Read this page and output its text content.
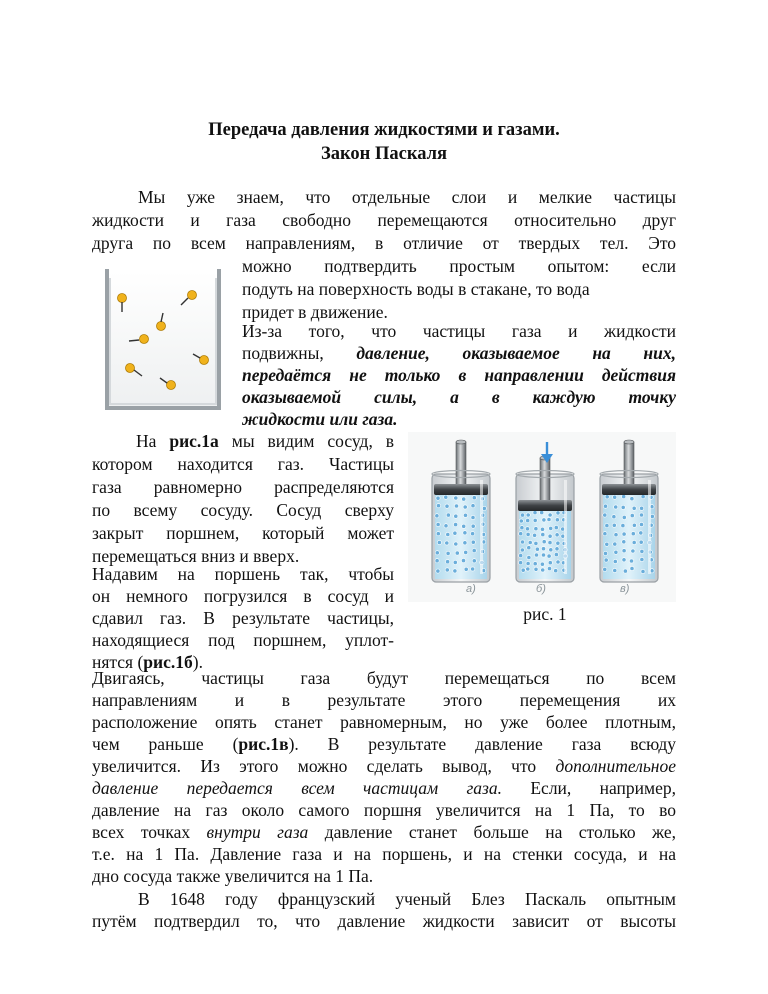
Передача давления жидкостями и газами.
Закон Паскаля
Мы уже знаем, что отдельные слои и мелкие частицы
жидкости и газа свободно перемещаются относительно друг
друга по всем направлениям, в отличие от твердых тел. Это
можно подтвердить простым опытом: если
подуть на поверхность воды в стакане, то вода
придет в движение.
Из-за того, что частицы газа и жидкости
подвижны, давление, оказываемое на них,
передаётся не только в направлении действия
оказываемой силы, а в каждую точку
жидкости или газа.
На рис.1а мы видим сосуд, в
котором находится газ. Частицы
газа равномерно распределяются
по всему сосуду. Сосуд сверху
закрыт поршнем, который может
перемещаться вниз и вверх.
Надавим на поршень так, чтобы
он немного погрузился в сосуд и
сдавил газ. В результате частицы,
находящиеся под поршнем, уплот-
нятся (рис.1б).
а)	б)	в)
рис. 1
Двигаясь, частицы газа будут перемещаться по всем
направлениям и в результате этого перемещения их
расположение опять станет равномерным, но уже более плотным,
чем раньше (рис.1в). В результате давление газа всюду
увеличится. Из этого можно сделать вывод, что дополнительное
давление передается всем частицам газа. Если, например,
давление на газ около самого поршня увеличится на 1 Па, то во
всех точках внутри газа давление станет больше на столько же,
т.е. на 1 Па. Давление газа и на поршень, и на стенки сосуда, и на
дно сосуда также увеличится на 1 Па.
В 1648 году французский ученый Блез Паскаль опытным
путём подтвердил то, что давление жидкости зависит от высоты
